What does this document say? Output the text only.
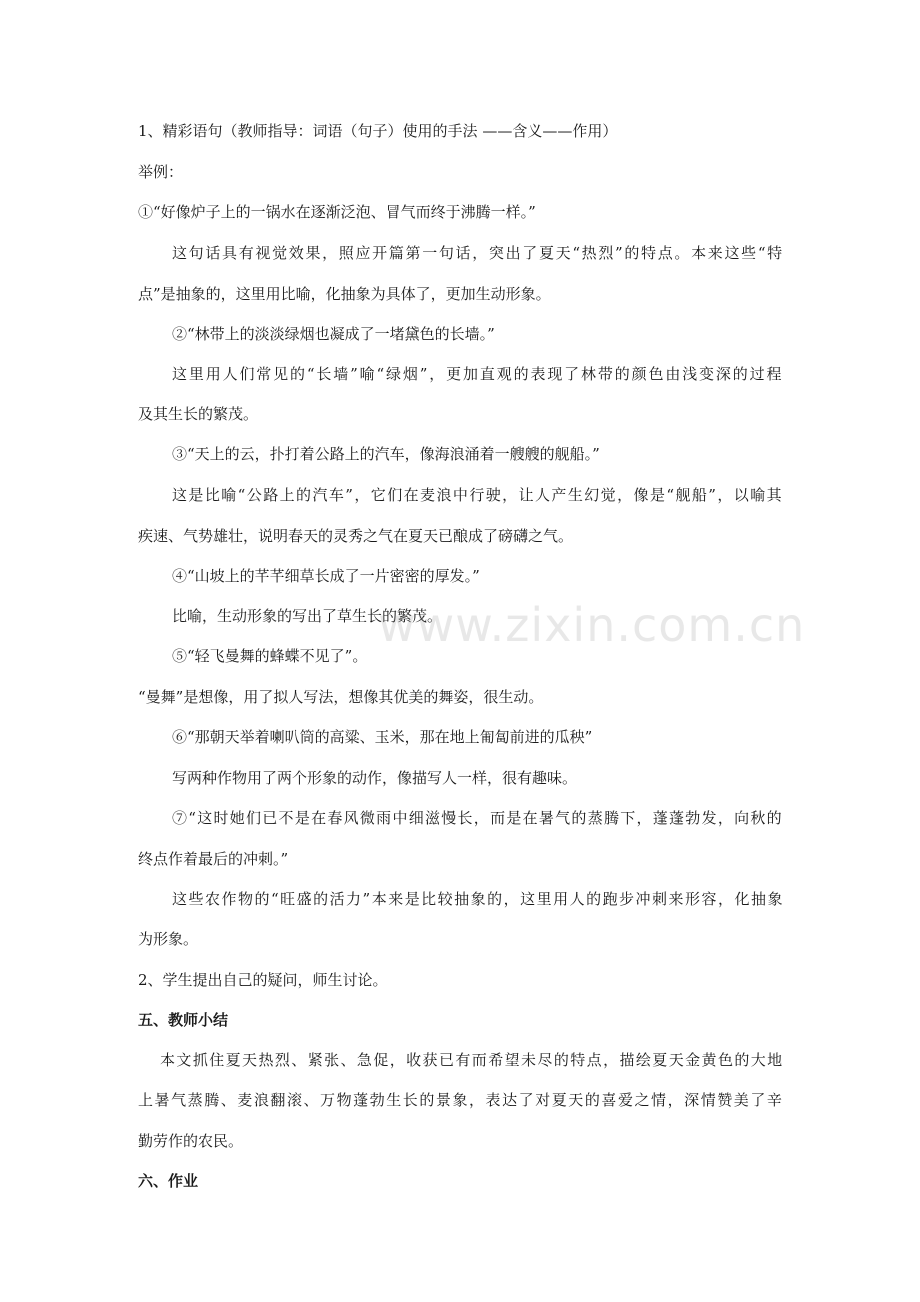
1、精彩语句（教师指导：词语（句子）使用的手法 ——含义——作用）

举例：

①“好像炉子上的一锅水在逐渐泛泡、冒气而终于沸腾一样。”

这句话具有视觉效果，照应开篇第一句话，突出了夏天“热烈”的特点。本来这些“特

点”是抽象的，这里用比喻，化抽象为具体了，更加生动形象。

②“林带上的淡淡绿烟也凝成了一堵黛色的长墙。”

这里用人们常见的“长墙”喻“绿烟”，更加直观的表现了林带的颜色由浅变深的过程

及其生长的繁茂。

③“天上的云，扑打着公路上的汽车，像海浪涌着一艘艘的舰船。”

这是比喻“公路上的汽车”，它们在麦浪中行驶，让人产生幻觉，像是“舰船”，以喻其

疾速、气势雄壮，说明春天的灵秀之气在夏天已酿成了磅礴之气。

④“山坡上的芊芊细草长成了一片密密的厚发。”

比喻，生动形象的写出了草生长的繁茂。

⑤“轻飞曼舞的蜂蝶不见了”。

“曼舞”是想像，用了拟人写法，想像其优美的舞姿，很生动。

⑥“那朝天举着喇叭筒的高粱、玉米，那在地上匍匐前进的瓜秧”

写两种作物用了两个形象的动作，像描写人一样，很有趣味。

⑦“这时她们已不是在春风微雨中细滋慢长，而是在暑气的蒸腾下，蓬蓬勃发，向秋的

终点作着最后的冲刺。”

这些农作物的“旺盛的活力”本来是比较抽象的，这里用人的跑步冲刺来形容，化抽象

为形象。

2、学生提出自己的疑问，师生讨论。

五、教师小结

本文抓住夏天热烈、紧张、急促，收获已有而希望未尽的特点，描绘夏天金黄色的大地

上暑气蒸腾、麦浪翻滚、万物蓬勃生长的景象，表达了对夏天的喜爱之情，深情赞美了辛

勤劳作的农民。

六、作业

www.zixin.com.cn
